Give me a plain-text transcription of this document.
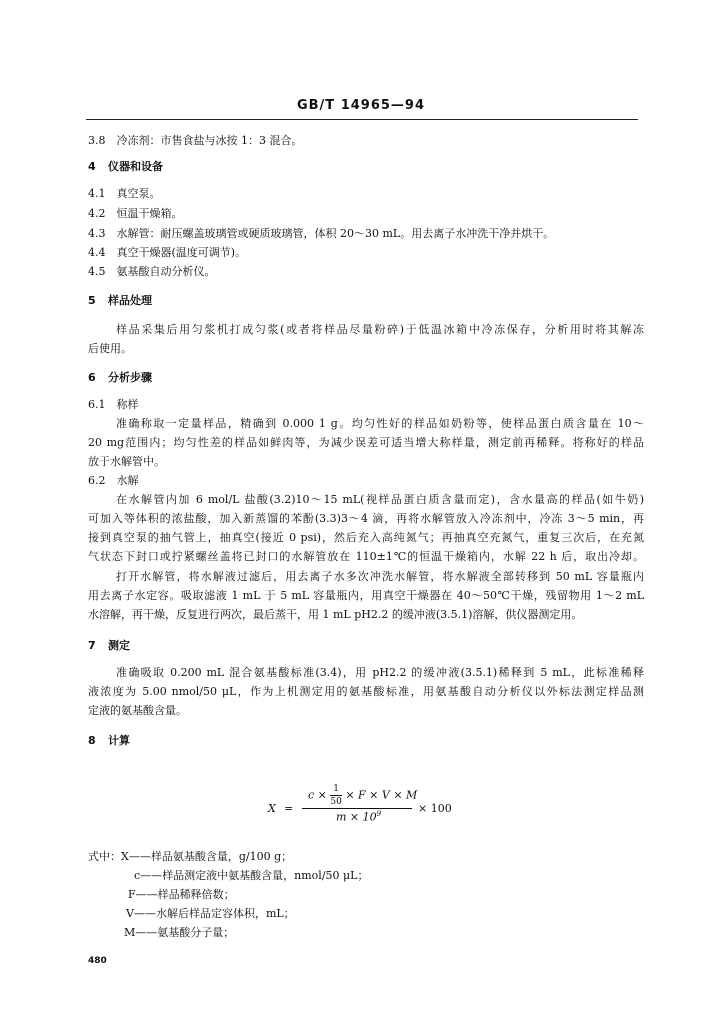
GB/T 14965—94
3.8　冷冻剂：市售食盐与冰按 1：3 混合。
4 仪器和设备
4.1　真空泵。
4.2　恒温干燥箱。
4.3　水解管：耐压螺盖玻璃管或硬质玻璃管，体积 20～30 mL。用去离子水冲洗干净并烘干。
4.4　真空干燥器(温度可调节)。
4.5　氨基酸自动分析仪。
5 样品处理
样品采集后用匀浆机打成匀浆(或者将样品尽量粉碎)于低温冰箱中冷冻保存，分析用时将其解冻
后使用。
6 分析步骤
6.1　称样
准确称取一定量样品，精确到 0.000 1 g。均匀性好的样品如奶粉等，使样品蛋白质含量在 10～
20 mg范围内；均匀性差的样品如鲜肉等，为减少误差可适当增大称样量，测定前再稀释。将称好的样品
放于水解管中。
6.2　水解
在水解管内加 6 mol/L 盐酸(3.2)10～15 mL(视样品蛋白质含量而定)，含水量高的样品(如牛奶)
可加入等体积的浓盐酸，加入新蒸馏的苯酚(3.3)3～4 滴，再将水解管放入冷冻剂中，冷冻 3～5 min，再
接到真空泵的抽气管上，抽真空(接近 0 psi)，然后充入高纯氮气；再抽真空充氮气，重复三次后，在充氮
气状态下封口或拧紧螺丝盖将已封口的水解管放在 110±1℃的恒温干燥箱内，水解 22 h 后，取出冷却。
打开水解管，将水解液过滤后，用去离子水多次冲洗水解管，将水解液全部转移到 50 mL 容量瓶内
用去离子水定容。吸取滤液 1 mL 于 5 mL 容量瓶内，用真空干燥器在 40～50℃干燥，残留物用 1～2 mL
水溶解，再干燥，反复进行两次，最后蒸干，用 1 mL pH2.2 的缓冲液(3.5.1)溶解，供仪器测定用。
7 测定
准确吸取 0.200 mL 混合氨基酸标准(3.4)，用 pH2.2 的缓冲液(3.5.1)稀释到 5 mL，此标准稀释
液浓度为 5.00 nmol/50 μL，作为上机测定用的氨基酸标准，用氨基酸自动分析仪以外标法测定样品测
定液的氨基酸含量。
8 计算
X =
$c \times \frac{1}{50} \times F \times V \times M$
$m \times 10^9$	× 100
式中：X——样品氨基酸含量，g/100 g；
c——样品测定液中氨基酸含量，nmol/50 μL；
F——样品稀释倍数；
V——水解后样品定容体积，mL；
M——氨基酸分子量；
480
